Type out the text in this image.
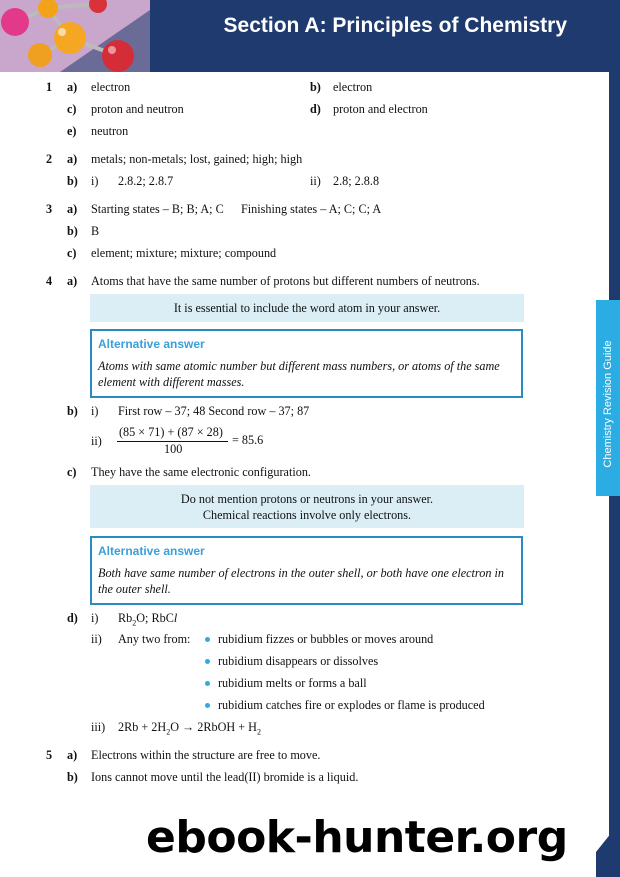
Section A: Principles of Chemistry
Chemistry Revision Guide
1 a) electron	b) electron
c) proton and neutron	d) proton and electron
e) neutron
2 a) metals; non-metals; lost, gained; high; high
b) i) 2.8.2; 2.8.7	ii) 2.8; 2.8.8
3 a) Starting states – B; B; A; C Finishing states – A; C; C; A
b) B
c) element; mixture; mixture; compound
4 a) Atoms that have the same number of protons but different numbers of neutrons.
It is essential to include the word atom in your answer.
Alternative answer
Atoms with same atomic number but different mass numbers, or atoms of the same
element with different masses.
b) i) First row – 37; 48 Second row – 37; 87
ii)
(85 × 71) + (87 × 28)
100
= 85.6
c) They have the same electronic configuration.
Do not mention protons or neutrons in your answer.
Chemical reactions involve only electrons.
Alternative answer
Both have same number of electrons in the outer shell, or both have one electron in
the outer shell.
d) i) $Rb_2O$; RbCl
ii) Any two from: rubidium fizzes or bubbles or moves around
rubidium disappears or dissolves
rubidium melts or forms a ball
rubidium catches fire or explodes or flame is produced
iii) $2Rb + 2H_2O$ → 2RbOH + $H_2$
5 a) Electrons within the structure are free to move.
b) Ions cannot move until the lead(II) bromide is a liquid.
ebook-hunter.org
